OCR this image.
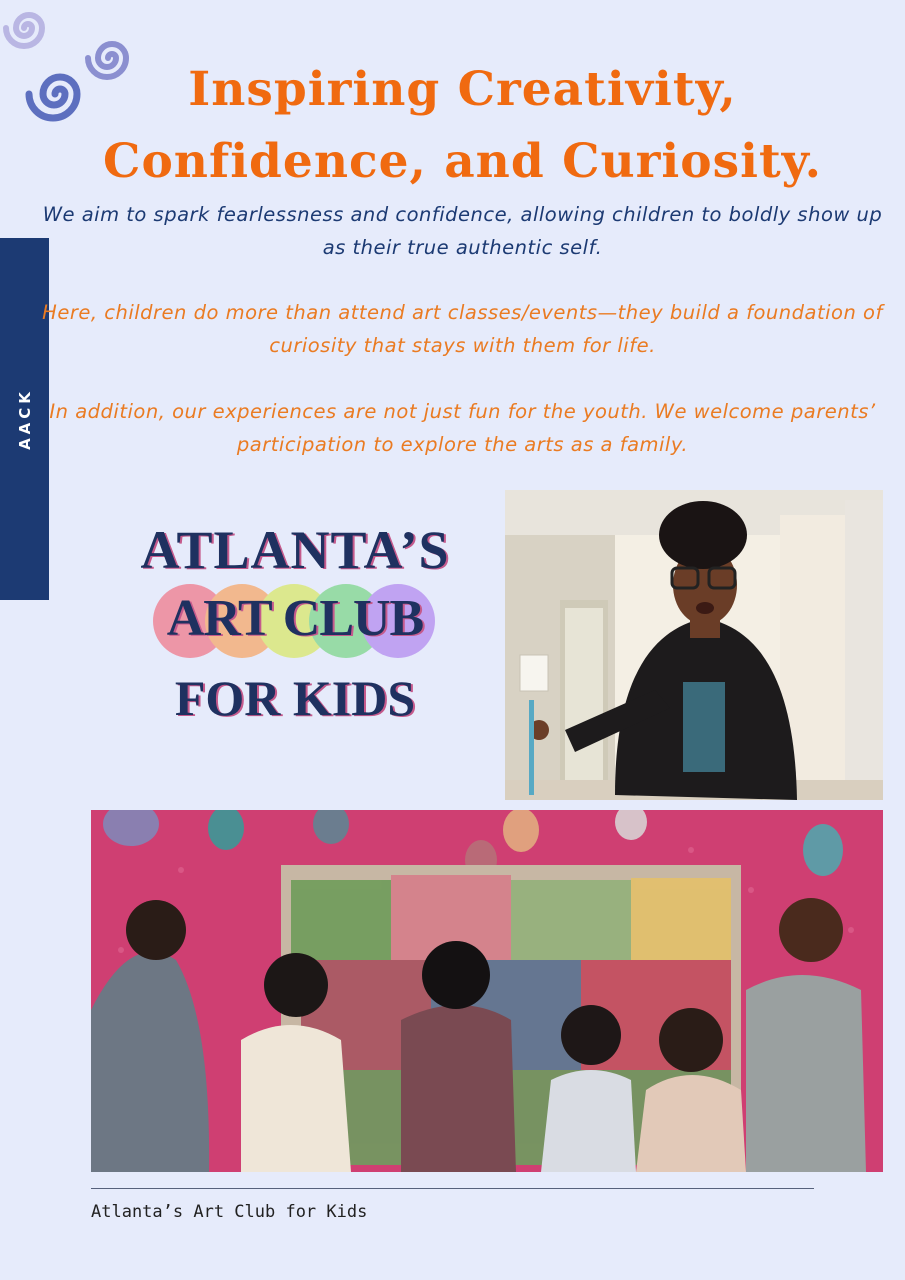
AACK
Inspiring Creativity,
Confidence, and Curiosity.

We aim to spark fearlessness and confidence, allowing children to boldly show up as their true authentic self.

Here, children do more than attend art classes/events—they build a foundation of curiosity that stays with them for life.

In addition, our experiences are not just fun for the youth. We welcome parents’ participation to explore the arts as a family.

ATLANTA’S
ART CLUB
FOR KIDS
Atlanta’s Art Club for Kids
